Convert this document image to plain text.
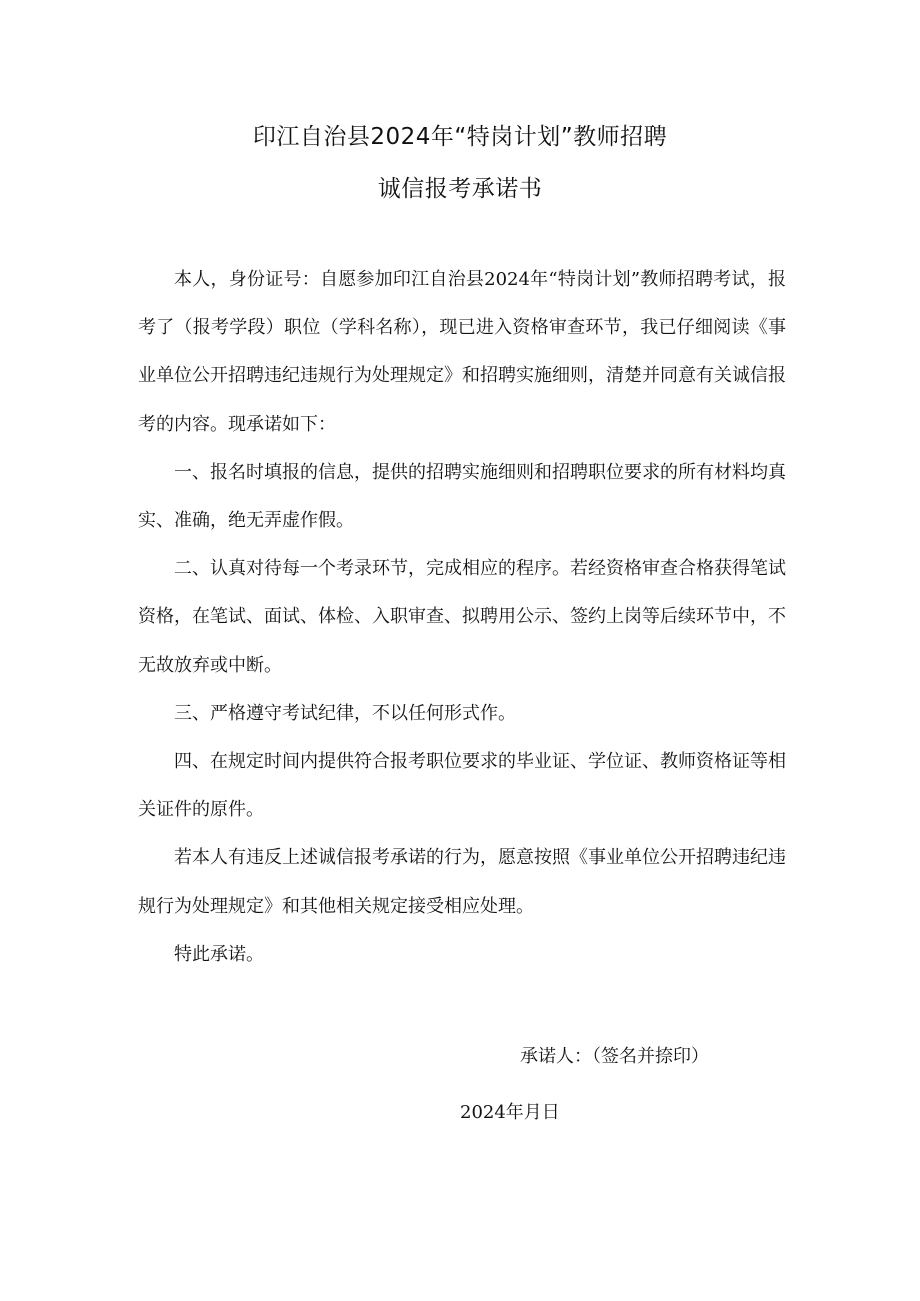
印江自治县2024年“特岗计划”教师招聘
诚信报考承诺书

本人，身份证号：自愿参加印江自治县2024年“特岗计划”教师招聘考试，报考了（报考学段）职位（学科名称），现已进入资格审查环节，我已仔细阅读《事业单位公开招聘违纪违规行为处理规定》和招聘实施细则，清楚并同意有关诚信报考的内容。现承诺如下：

一、报名时填报的信息，提供的招聘实施细则和招聘职位要求的所有材料均真实、准确，绝无弄虚作假。

二、认真对待每一个考录环节，完成相应的程序。若经资格审查合格获得笔试资格，在笔试、面试、体检、入职审查、拟聘用公示、签约上岗等后续环节中，不无故放弃或中断。

三、严格遵守考试纪律，不以任何形式作。

四、在规定时间内提供符合报考职位要求的毕业证、学位证、教师资格证等相关证件的原件。

若本人有违反上述诚信报考承诺的行为，愿意按照《事业单位公开招聘违纪违规行为处理规定》和其他相关规定接受相应处理。

特此承诺。

承诺人：（签名并捺印）
2024年月日
